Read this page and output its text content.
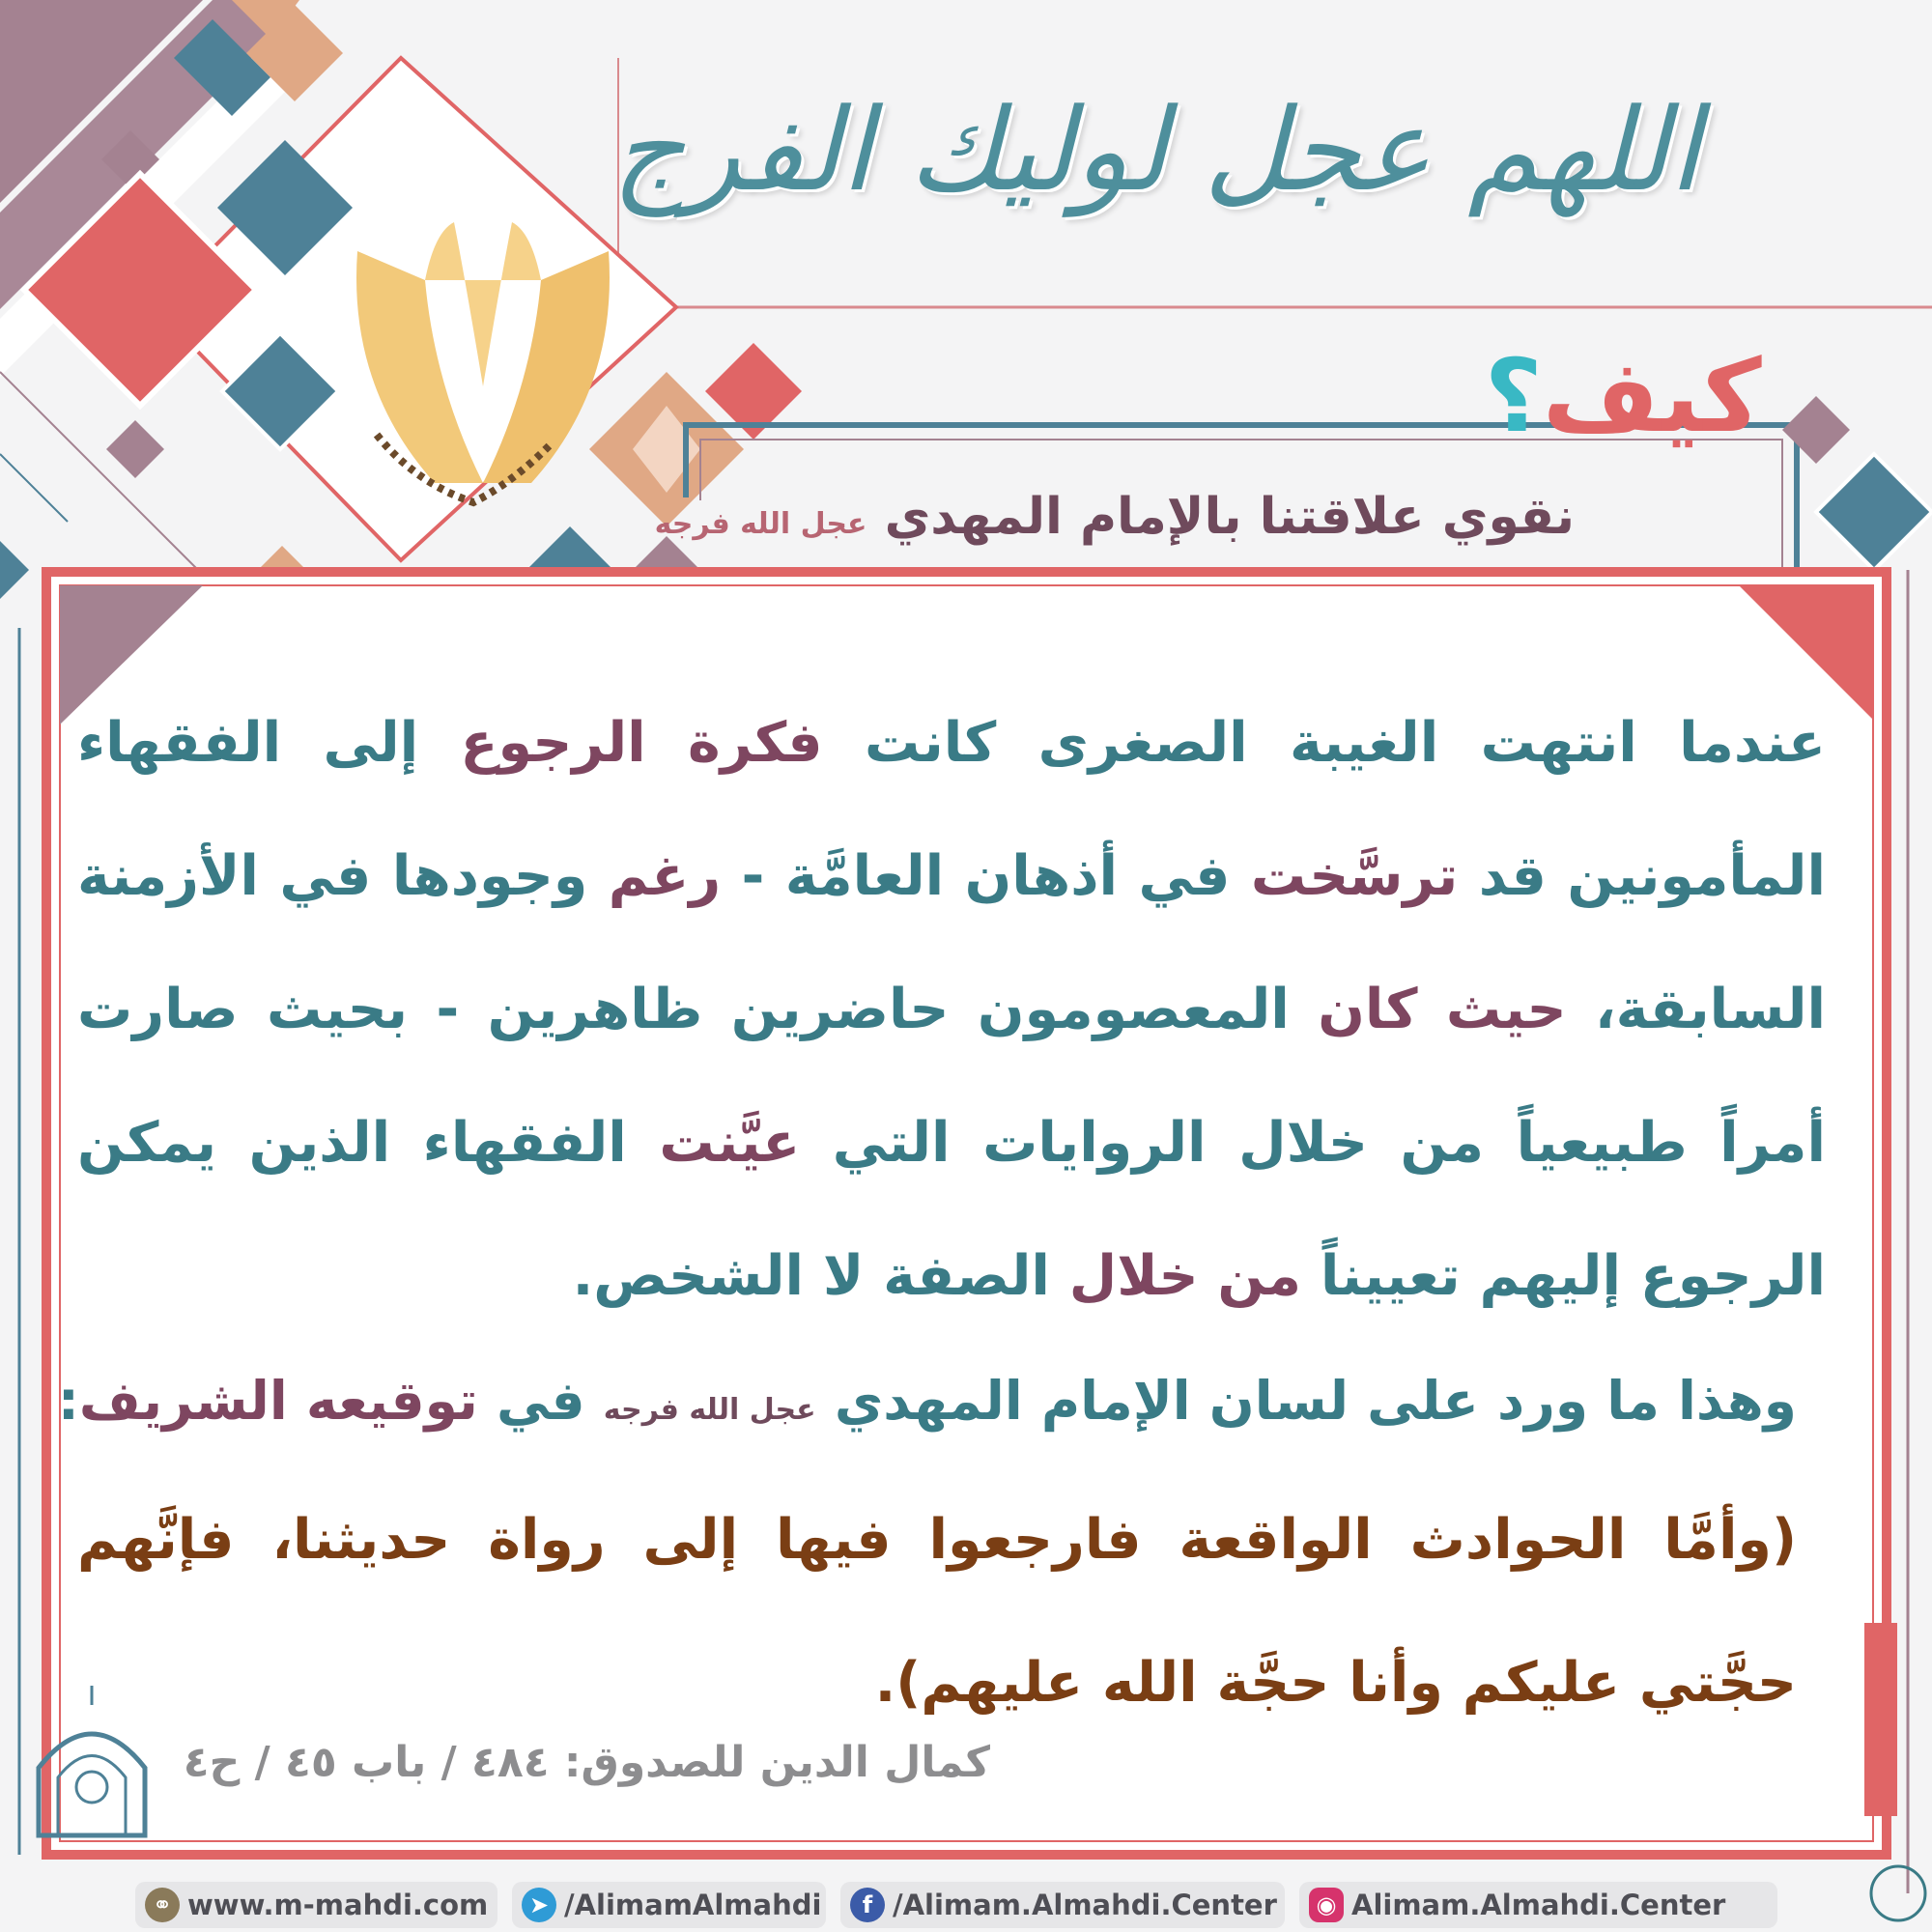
اللهم عجل لوليك الفرج
كيف؟
نقوي علاقتنا بالإمام المهدي عجل الله فرجه

عندما انتهت الغيبة الصغرى كانت فكرة الرجوع إلى الفقهاء المأمونين قد ترسَّخت في أذهان العامَّة - رغم وجودها في الأزمنة السابقة، حيث كان المعصومون حاضرين ظاهرين - بحيث صارت أمراً طبيعياً من خلال الروايات التي عيَّنت الفقهاء الذين يمكن الرجوع إليهم تعييناً من خلال الصفة لا الشخص.

وهذا ما ورد على لسان الإمام المهدي عجل الله فرجه في توقيعه الشريف:

(وأمَّا الحوادث الواقعة فارجعوا فيها إلى رواة حديثنا، فإنَّهم حجَّتي عليكم وأنا حجَّة الله عليهم).

كمال الدين للصدوق: ٤٨٤ / باب ٤٥ / ح٤
⚭ www.m-mahdi.com	➤ /AlimamAlmahdi	f /Alimam.Almahdi.Center	◉ Alimam.Almahdi.Center
